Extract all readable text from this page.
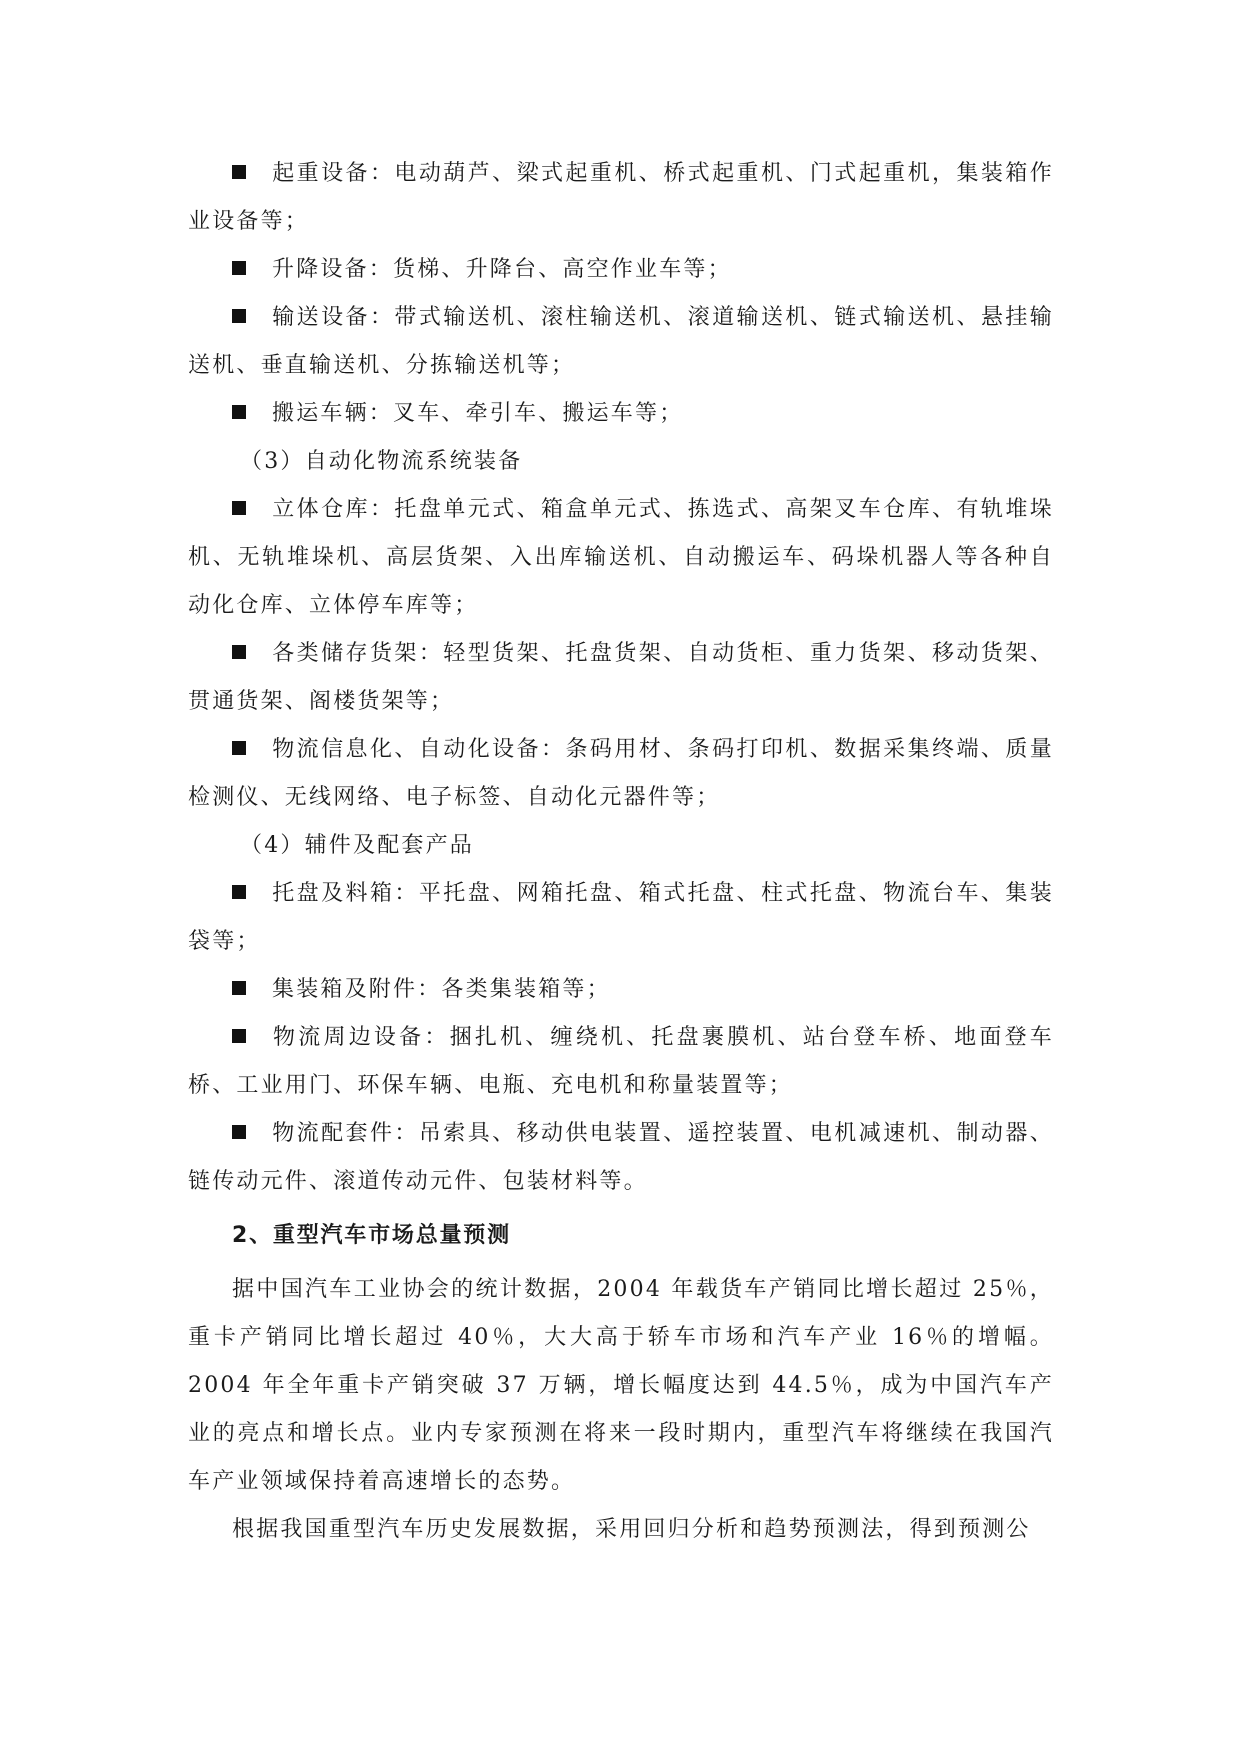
起重设备：电动葫芦、梁式起重机、桥式起重机、门式起重机，集装箱作业设备等；

升降设备：货梯、升降台、高空作业车等；

输送设备：带式输送机、滚柱输送机、滚道输送机、链式输送机、悬挂输送机、垂直输送机、分拣输送机等；

搬运车辆：叉车、牵引车、搬运车等；

（3）自动化物流系统装备

立体仓库：托盘单元式、箱盒单元式、拣选式、高架叉车仓库、有轨堆垛机、无轨堆垛机、高层货架、入出库输送机、自动搬运车、码垛机器人等各种自动化仓库、立体停车库等；

各类储存货架：轻型货架、托盘货架、自动货柜、重力货架、移动货架、贯通货架、阁楼货架等；

物流信息化、自动化设备：条码用材、条码打印机、数据采集终端、质量检测仪、无线网络、电子标签、自动化元器件等；

（4）辅件及配套产品

托盘及料箱：平托盘、网箱托盘、箱式托盘、柱式托盘、物流台车、集装袋等；

集装箱及附件：各类集装箱等；

物流周边设备：捆扎机、缠绕机、托盘裹膜机、站台登车桥、地面登车桥、工业用门、环保车辆、电瓶、充电机和称量装置等；

物流配套件：吊索具、移动供电装置、遥控装置、电机减速机、制动器、链传动元件、滚道传动元件、包装材料等。

2、重型汽车市场总量预测

据中国汽车工业协会的统计数据，2004 年载货车产销同比增长超过 25％，重卡产销同比增长超过 40％，大大高于轿车市场和汽车产业 16％的增幅。2004 年全年重卡产销突破 37 万辆，增长幅度达到 44.5％，成为中国汽车产业的亮点和增长点。业内专家预测在将来一段时期内，重型汽车将继续在我国汽车产业领域保持着高速增长的态势。

根据我国重型汽车历史发展数据，采用回归分析和趋势预测法，得到预测公
